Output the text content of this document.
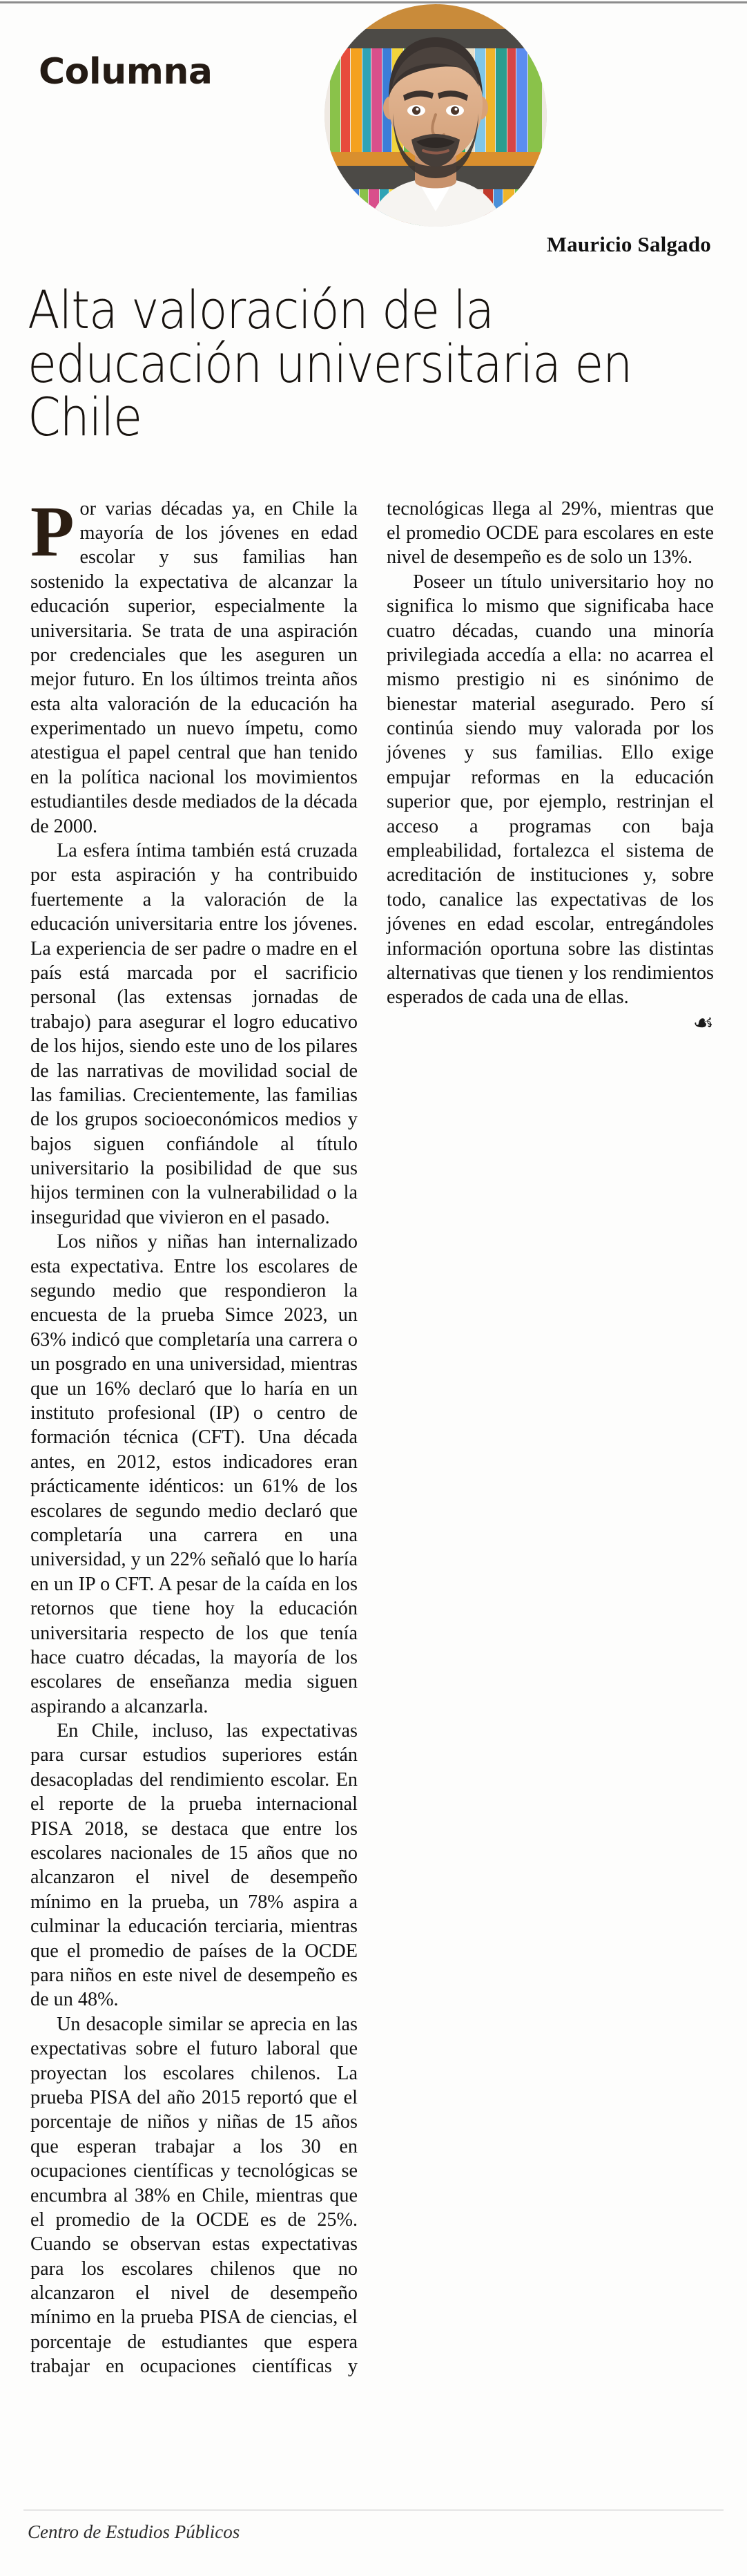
Columna
Mauricio Salgado
Alta valoración de la educación universitaria en Chile

Por varias décadas ya, en Chile la mayoría de los jóvenes en edad escolar y sus familias han sostenido la expectativa de alcanzar la educación superior, especialmente la universitaria. Se trata de una aspiración por credenciales que les aseguren un mejor futuro. En los últimos treinta años esta alta valoración de la educación ha experimentado un nuevo ímpetu, como atestigua el papel central que han tenido en la política nacional los movimientos estudiantiles desde mediados de la década de 2000.

La esfera íntima también está cruzada por esta aspiración y ha contribuido fuertemente a la valoración de la educación universitaria entre los jóvenes. La experiencia de ser padre o madre en el país está marcada por el sacrificio personal (las extensas jornadas de trabajo) para asegurar el logro educativo de los hijos, siendo este uno de los pilares de las narrativas de movilidad social de las familias. Crecientemente, las familias de los grupos socioeconómicos medios y bajos siguen confiándole al título universitario la posibilidad de que sus hijos terminen con la vulnerabilidad o la inseguridad que vivieron en el pasado.

Los niños y niñas han internalizado esta expectativa. Entre los escolares de segundo medio que respondieron la encuesta de la prueba Simce 2023, un 63% indicó que completaría una carrera o un posgrado en una universidad, mientras que un 16% declaró que lo haría en un instituto profesional (IP) o centro de formación técnica (CFT). Una década antes, en 2012, estos indicadores eran prácticamente idénticos: un 61% de los escolares de segundo medio declaró que completaría una carrera en una universidad, y un 22% señaló que lo haría en un IP o CFT. A pesar de la caída en los retornos que tiene hoy la educación universitaria respecto de los que tenía hace cuatro décadas, la mayoría de los escolares de enseñanza media siguen aspirando a alcanzarla.

En Chile, incluso, las expectativas para cursar estudios superiores están desacopladas del rendimiento escolar. En el reporte de la prueba internacional PISA 2018, se destaca que entre los escolares nacionales de 15 años que no alcanzaron el nivel de desempeño mínimo en la prueba, un 78% aspira a culminar la educación terciaria, mientras que el promedio de países de la OCDE para niños en este nivel de desempeño es de un 48%.

Un desacople similar se aprecia en las expectativas sobre el futuro laboral que proyectan los escolares chilenos. La prueba PISA del año 2015 reportó que el porcentaje de niños y niñas de 15 años que esperan trabajar a los 30 en ocupaciones científicas y tecnológicas se encumbra al 38% en Chile, mientras que el promedio de la OCDE es de 25%. Cuando se observan estas expectativas para los escolares chilenos que no alcanzaron el nivel de desempeño mínimo en la prueba PISA de ciencias, el porcentaje de estudiantes que espera trabajar en ocupaciones científicas y tecnológicas llega al 29%, mientras que el promedio OCDE para escolares en este nivel de desempeño es de solo un 13%.

Poseer un título universitario hoy no significa lo mismo que significaba hace cuatro décadas, cuando una minoría privilegiada accedía a ella: no acarrea el mismo prestigio ni es sinónimo de bienestar material asegurado. Pero sí continúa siendo muy valorada por los jóvenes y sus familias. Ello exige empujar reformas en la educación superior que, por ejemplo, restrinjan el acceso a programas con baja empleabilidad, fortalezca el sistema de acreditación de instituciones y, sobre todo, canalice las expectativas de los jóvenes en edad escolar, entregándoles información oportuna sobre las distintas alternativas que tienen y los rendimientos esperados de cada una de ellas.

☙

Centro de Estudios Públicos
